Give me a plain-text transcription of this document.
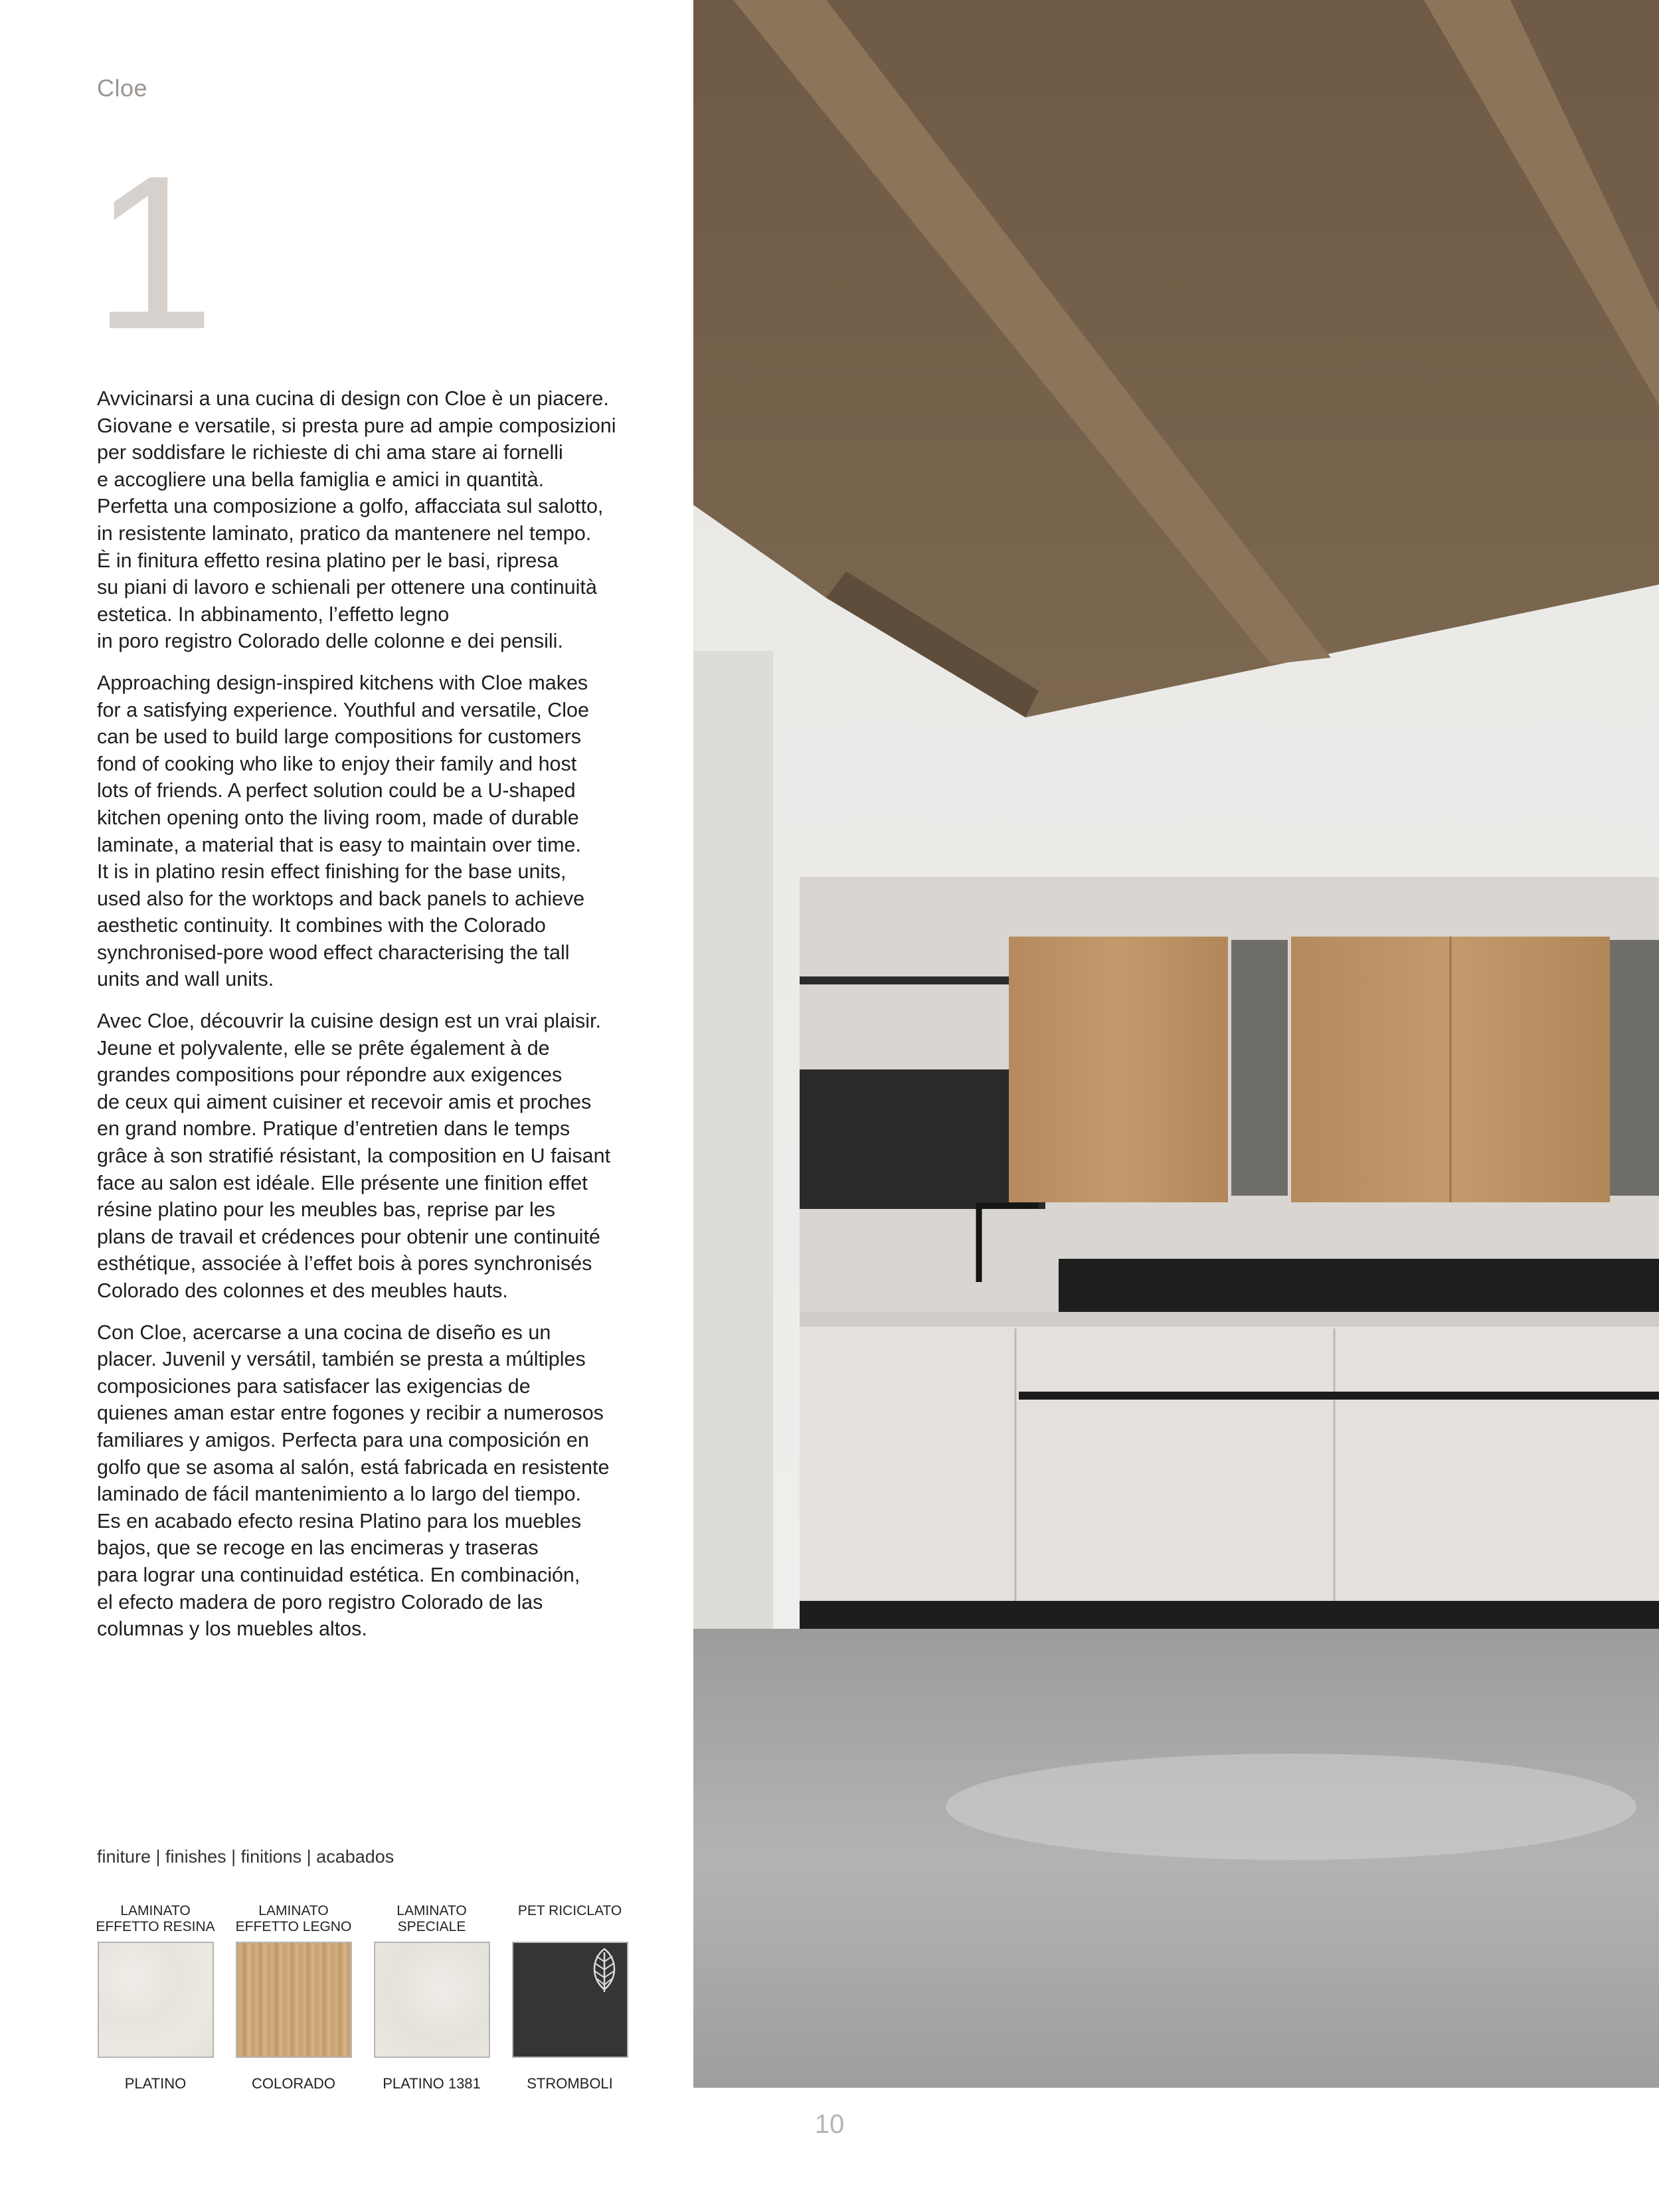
Cloe
1

Avvicinarsi a una cucina di design con Cloe è un piacere.
Giovane e versatile, si presta pure ad ampie composizioni
per soddisfare le richieste di chi ama stare ai fornelli
e accogliere una bella famiglia e amici in quantità.
Perfetta una composizione a golfo, affacciata sul salotto,
in resistente laminato, pratico da mantenere nel tempo.
È in finitura effetto resina platino per le basi, ripresa
su piani di lavoro e schienali per ottenere una continuità
estetica. In abbinamento, l’effetto legno
in poro registro Colorado delle colonne e dei pensili.

Approaching design-inspired kitchens with Cloe makes
for a satisfying experience. Youthful and versatile, Cloe
can be used to build large compositions for customers
fond of cooking who like to enjoy their family and host
lots of friends. A perfect solution could be a U-shaped
kitchen opening onto the living room, made of durable
laminate, a material that is easy to maintain over time.
It is in platino resin effect finishing for the base units,
used also for the worktops and back panels to achieve
aesthetic continuity. It combines with the Colorado
synchronised-pore wood effect characterising the tall
units and wall units.

Avec Cloe, découvrir la cuisine design est un vrai plaisir.
Jeune et polyvalente, elle se prête également à de
grandes compositions pour répondre aux exigences
de ceux qui aiment cuisiner et recevoir amis et proches
en grand nombre. Pratique d’entretien dans le temps
grâce à son stratifié résistant, la composition en U faisant
face au salon est idéale. Elle présente une finition effet
résine platino pour les meubles bas, reprise par les
plans de travail et crédences pour obtenir une continuité
esthétique, associée à l’effet bois à pores synchronisés
Colorado des colonnes et des meubles hauts.

Con Cloe, acercarse a una cocina de diseño es un
placer. Juvenil y versátil, también se presta a múltiples
composiciones para satisfacer las exigencias de
quienes aman estar entre fogones y recibir a numerosos
familiares y amigos. Perfecta para una composición en
golfo que se asoma al salón, está fabricada en resistente
laminado de fácil mantenimiento a lo largo del tiempo.
Es en acabado efecto resina Platino para los muebles
bajos, que se recoge en las encimeras y traseras
para lograr una continuidad estética. En combinación,
el efecto madera de poro registro Colorado de las
columnas y los muebles altos.

finiture | finishes | finitions | acabados
LAMINATO
EFFETTO RESINA
PLATINO
LAMINATO
EFFETTO LEGNO
COLORADO
LAMINATO
SPECIALE
PLATINO 1381
PET RICICLATO
STROMBOLI
10
